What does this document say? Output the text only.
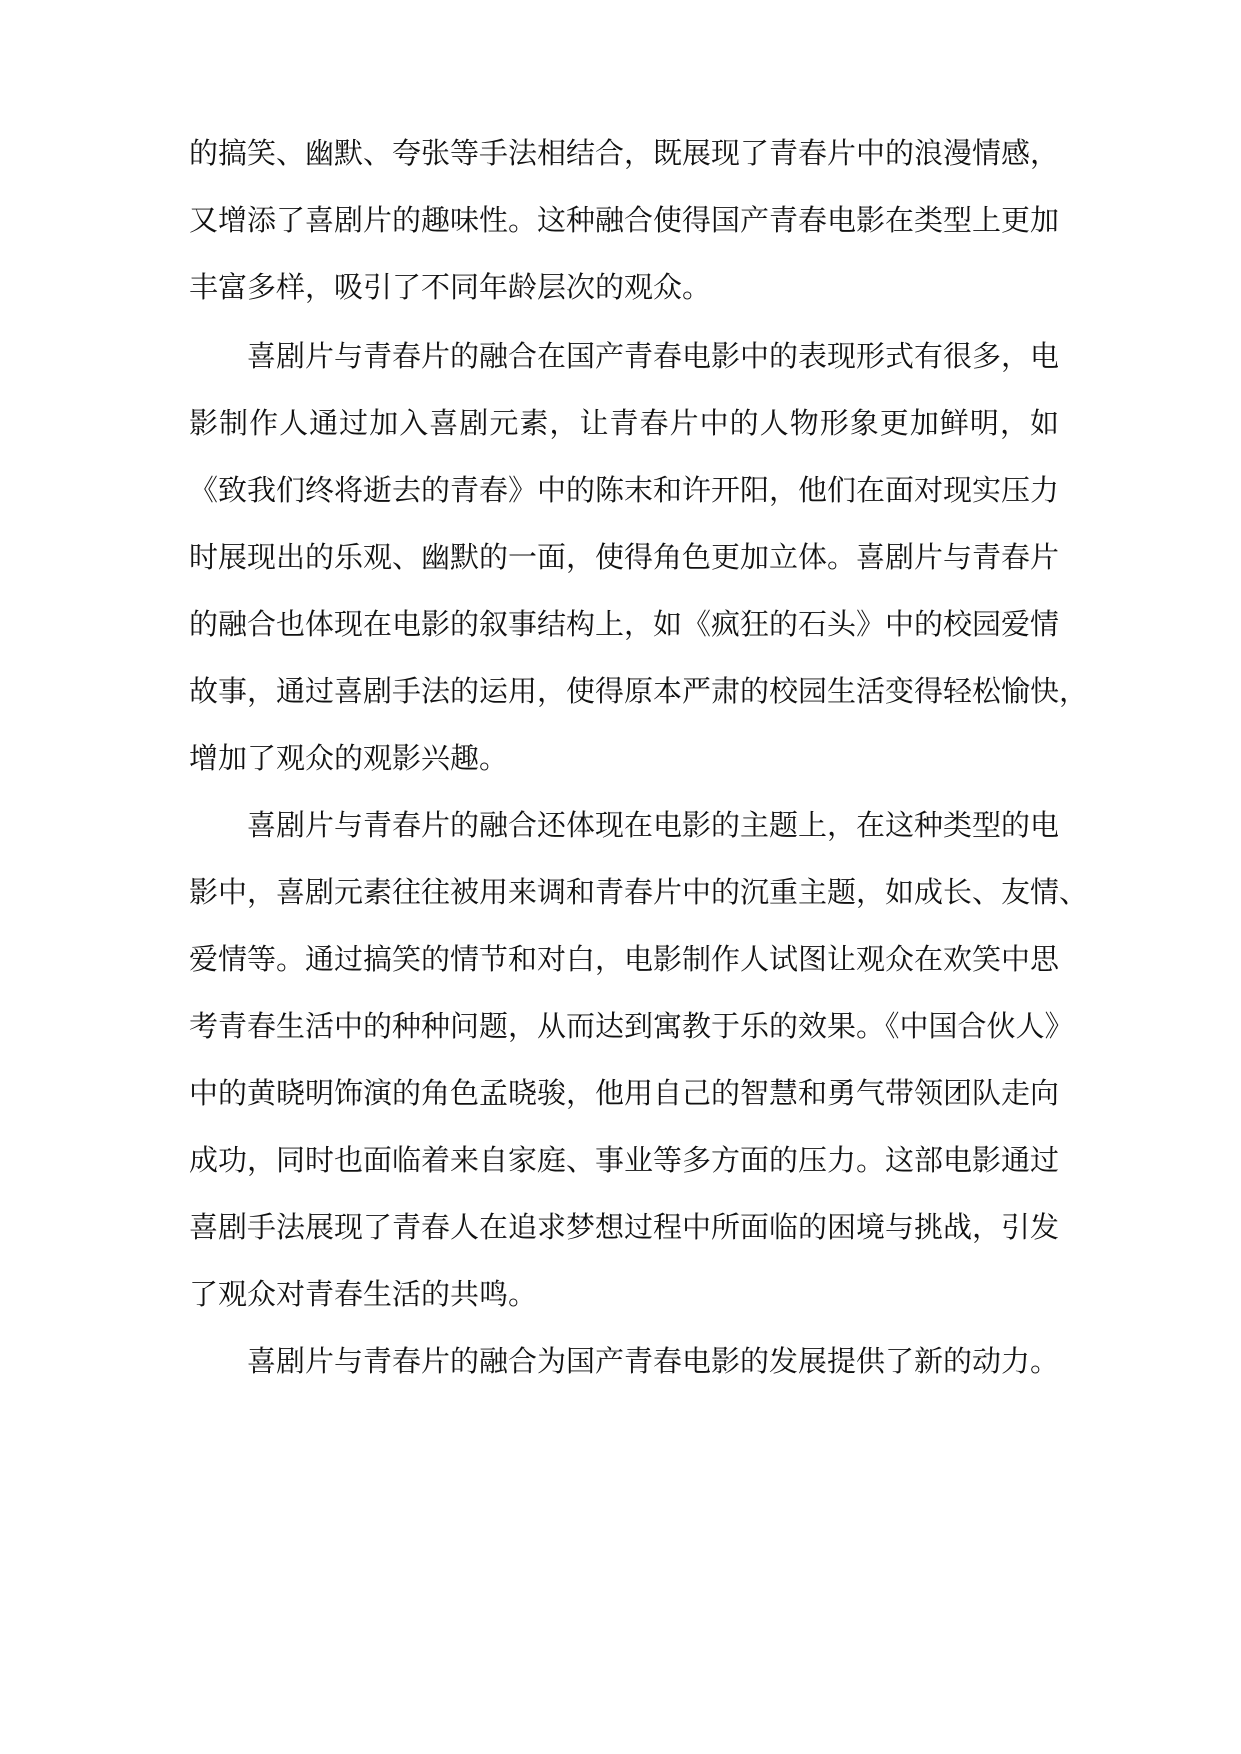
的搞笑、幽默、夸张等手法相结合，既展现了青春片中的浪漫情感，
又增添了喜剧片的趣味性。这种融合使得国产青春电影在类型上更加
丰富多样，吸引了不同年龄层次的观众。
喜剧片与青春片的融合在国产青春电影中的表现形式有很多，电
影制作人通过加入喜剧元素，让青春片中的人物形象更加鲜明，如
《致我们终将逝去的青春》中的陈末和许开阳，他们在面对现实压力
时展现出的乐观、幽默的一面，使得角色更加立体。喜剧片与青春片
的融合也体现在电影的叙事结构上，如《疯狂的石头》中的校园爱情
故事，通过喜剧手法的运用，使得原本严肃的校园生活变得轻松愉快，
增加了观众的观影兴趣。
喜剧片与青春片的融合还体现在电影的主题上，在这种类型的电
影中，喜剧元素往往被用来调和青春片中的沉重主题，如成长、友情、
爱情等。通过搞笑的情节和对白，电影制作人试图让观众在欢笑中思
考青春生活中的种种问题，从而达到寓教于乐的效果。《中国合伙人》
中的黄晓明饰演的角色孟晓骏，他用自己的智慧和勇气带领团队走向
成功，同时也面临着来自家庭、事业等多方面的压力。这部电影通过
喜剧手法展现了青春人在追求梦想过程中所面临的困境与挑战，引发
了观众对青春生活的共鸣。
喜剧片与青春片的融合为国产青春电影的发展提供了新的动力。
